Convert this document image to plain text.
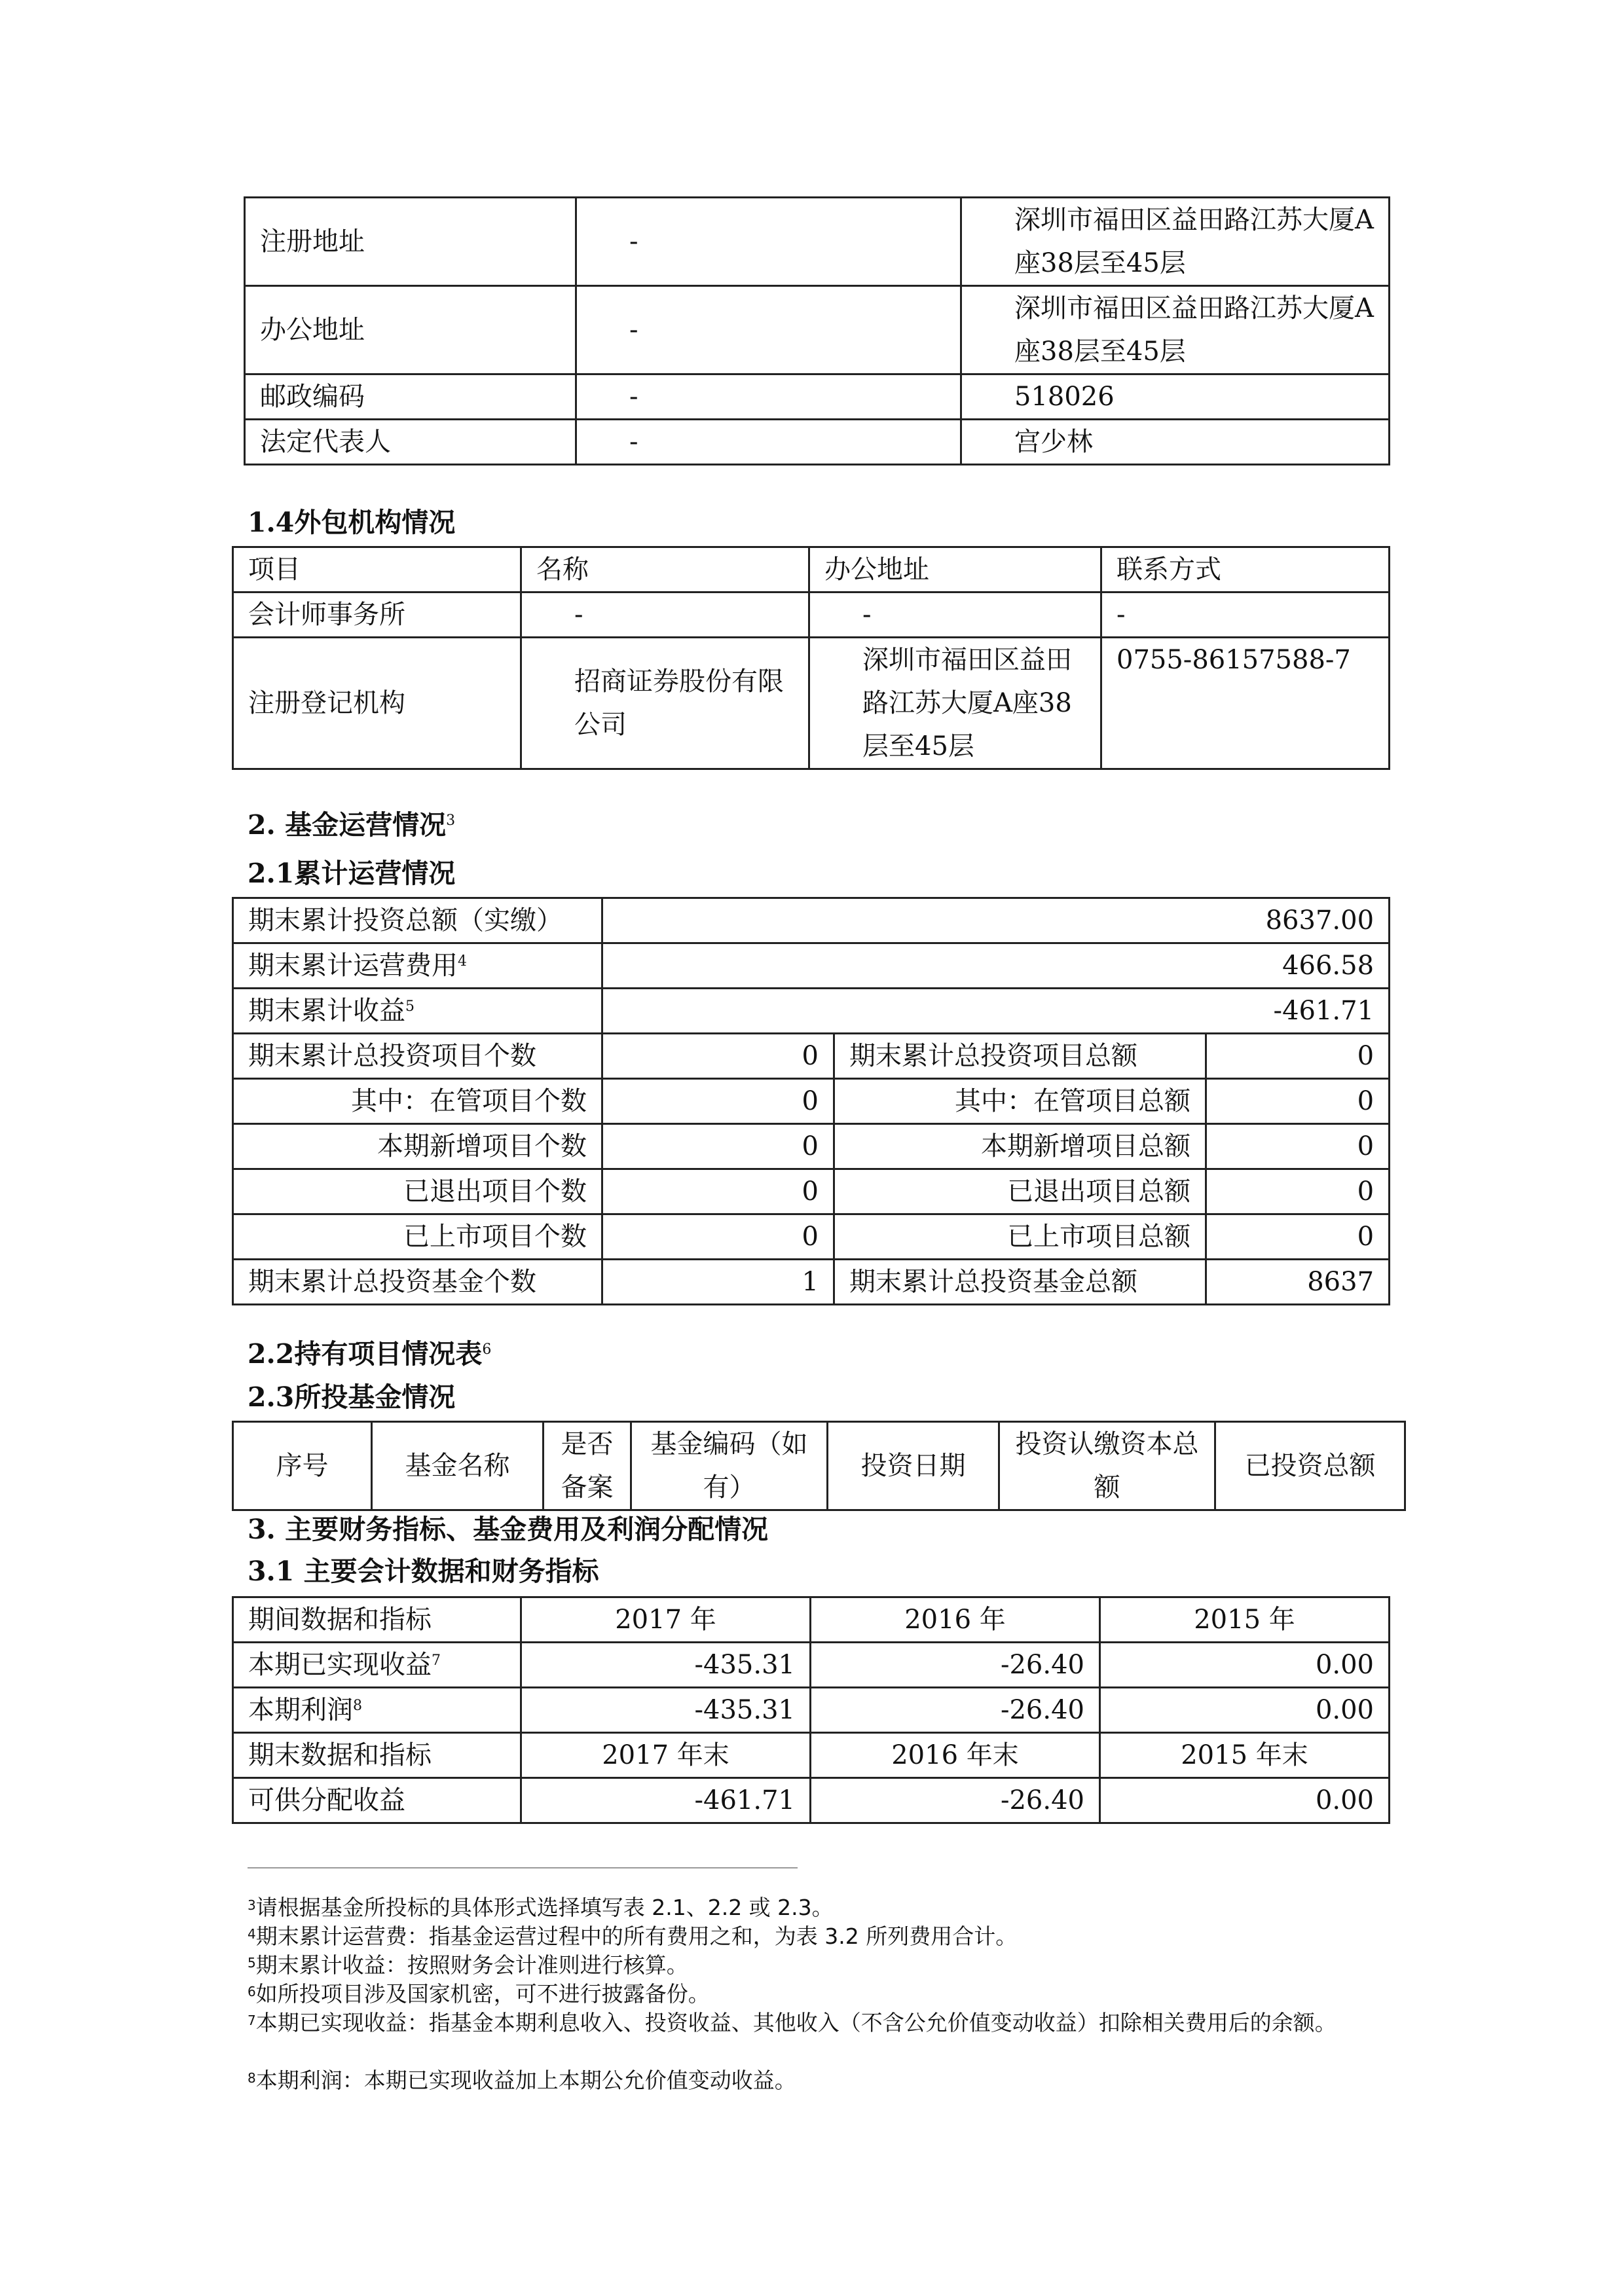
注册地址	-	深圳市福田区益田路江苏大厦A座38层至45层
办公地址	-	深圳市福田区益田路江苏大厦A座38层至45层
邮政编码	-	518026
法定代表人	-	宫少林

1.4外包机构情况

项目	名称	办公地址	联系方式
会计师事务所	-	-	-
注册登记机构	招商证券股份有限公司	深圳市福田区益田路江苏大厦A座38层至45层	0755-86157588-7

2. 基金运营情况$^3$

2.1累计运营情况

期末累计投资总额（实缴）	8637.00		
期末累计运营费用$^4$	466.58		
期末累计收益$^5$	-461.71		
期末累计总投资项目个数	0	期末累计总投资项目总额	0
其中：在管项目个数	0	其中：在管项目总额	0
本期新增项目个数	0	本期新增项目总额	0
已退出项目个数	0	已退出项目总额	0
已上市项目个数	0	已上市项目总额	0
期末累计总投资基金个数	1	期末累计总投资基金总额	8637

2.2持有项目情况表$^6$

2.3所投基金情况

序号	基金名称	是否备案	基金编码（如有）	投资日期	投资认缴资本总额	已投资总额

3. 主要财务指标、基金费用及利润分配情况

3.1 主要会计数据和财务指标

期间数据和指标	2017 年	2016 年	2015 年
本期已实现收益$^7$	-435.31	-26.40	0.00
本期利润$^8$	-435.31	-26.40	0.00
期末数据和指标	2017 年末	2016 年末	2015 年末
可供分配收益	-461.71	-26.40	0.00
$^3$请根据基金所投标的具体形式选择填写表 2.1、2.2 或 2.3。
$^4$期末累计运营费：指基金运营过程中的所有费用之和，为表 3.2 所列费用合计。
$^5$期末累计收益：按照财务会计准则进行核算。
$^6$如所投项目涉及国家机密，可不进行披露备份。
$^7$本期已实现收益：指基金本期利息收入、投资收益、其他收入（不含公允价值变动收益）扣除相关费用后的余额。
$^8$本期利润：本期已实现收益加上本期公允价值变动收益。
